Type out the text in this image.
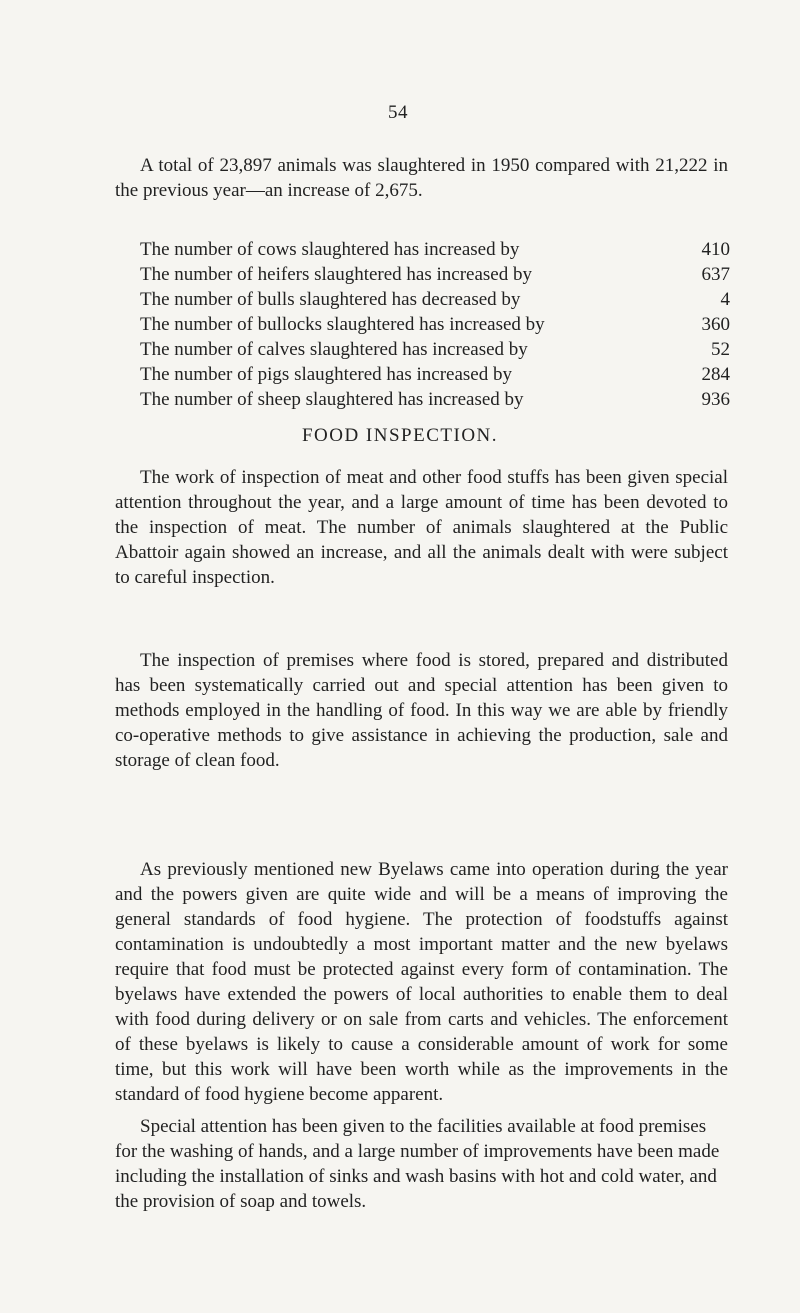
54

A total of 23,897 animals was slaughtered in 1950 compared with 21,222 in the previous year—an increase of 2,675.

The number of cows slaughtered has increased by	410
The number of heifers slaughtered has increased by	637
The number of bulls slaughtered has decreased by	4
The number of bullocks slaughtered has increased by	360
The number of calves slaughtered has increased by	52
The number of pigs slaughtered has increased by	284
The number of sheep slaughtered has increased by	936
FOOD INSPECTION.

The work of inspection of meat and other food stuffs has been given special attention throughout the year, and a large amount of time has been devoted to the inspection of meat. The number of animals slaughtered at the Public Abattoir again showed an increase, and all the animals dealt with were subject to careful inspection.

The inspection of premises where food is stored, prepared and distributed has been systematically carried out and special attention has been given to methods employed in the handling of food. In this way we are able by friendly co-operative methods to give assistance in achieving the production, sale and storage of clean food.

As previously mentioned new Byelaws came into operation during the year and the powers given are quite wide and will be a means of improving the general standards of food hygiene. The protection of foodstuffs against contamination is undoubtedly a most important matter and the new byelaws require that food must be protected against every form of contamination. The byelaws have extended the powers of local authorities to enable them to deal with food during delivery or on sale from carts and vehicles. The enforcement of these byelaws is likely to cause a considerable amount of work for some time, but this work will have been worth while as the improvements in the standard of food hygiene become apparent.

Special attention has been given to the facilities available at food premises for the washing of hands, and a large number of improvements have been made including the installation of sinks and wash basins with hot and cold water, and the provision of soap and towels.
